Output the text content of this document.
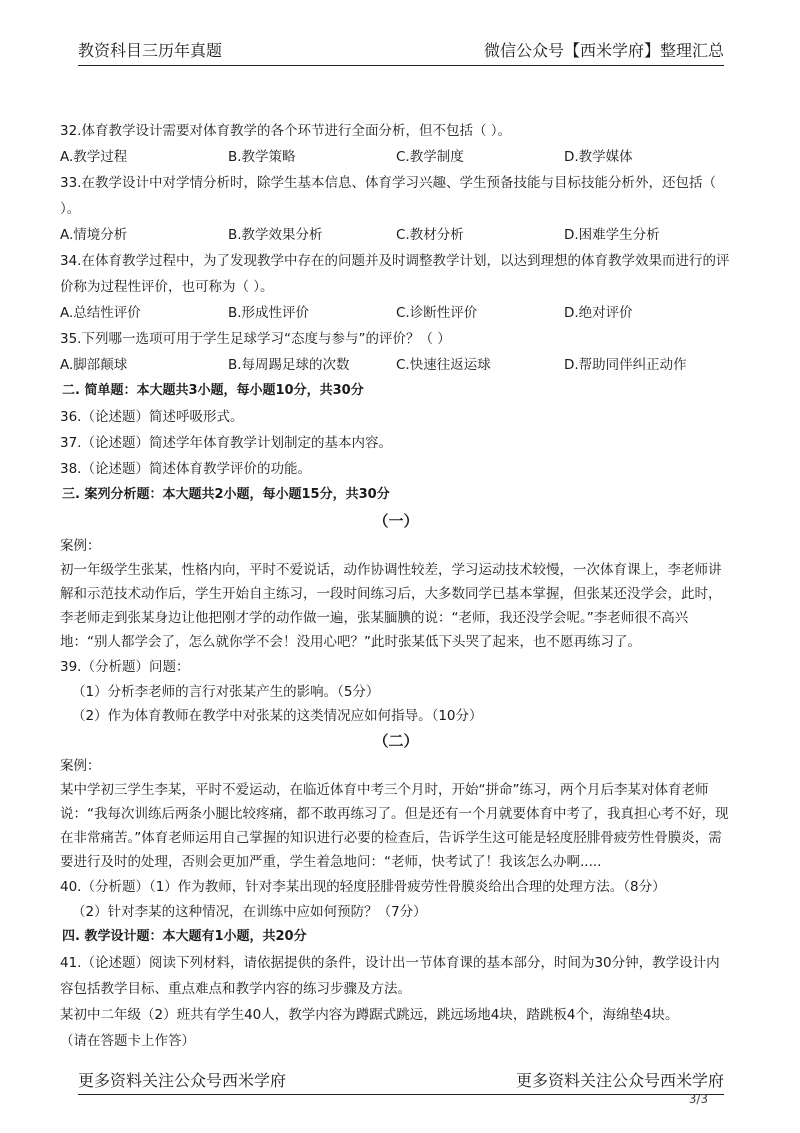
教资科目三历年真题	微信公众号【西米学府】整理汇总

32.体育教学设计需要对体育教学的各个环节进行全面分析，但不包括（ ）。

A.教学过程	B.教学策略	C.教学制度	D.教学媒体

33.在教学设计中对学情分析时，除学生基本信息、体育学习兴趣、学生预备技能与目标技能分析外，还包括（ ）。

A.情境分析	B.教学效果分析	C.教材分析	D.困难学生分析

34.在体育教学过程中，为了发现教学中存在的问题并及时调整教学计划，以达到理想的体育教学效果而进行的评价称为过程性评价，也可称为（ ）。

A.总结性评价	B.形成性评价	C.诊断性评价	D.绝对评价

35.下列哪一选项可用于学生足球学习“态度与参与”的评价？（ ）

A.脚部颠球	B.每周踢足球的次数	C.快速往返运球	D.帮助同伴纠正动作

二. 简单题：本大题共3小题，每小题10分，共30分

36.（论述题）简述呼吸形式。

37.（论述题）简述学年体育教学计划制定的基本内容。

38.（论述题）简述体育教学评价的功能。

三. 案列分析题：本大题共2小题，每小题15分，共30分

（一）

案例：

初一年级学生张某，性格内向，平时不爱说话，动作协调性较差，学习运动技术较慢，一次体育课上，李老师讲解和示范技术动作后，学生开始自主练习，一段时间练习后，大多数同学已基本掌握，但张某还没学会，此时，李老师走到张某身边让他把刚才学的动作做一遍，张某腼腆的说：“老师，我还没学会呢。”李老师很不高兴地：“别人都学会了，怎么就你学不会！没用心吧？”此时张某低下头哭了起来，也不愿再练习了。

39.（分析题）问题：

（1）分析李老师的言行对张某产生的影响。（5分）

（2）作为体育教师在教学中对张某的这类情况应如何指导。（10分）

（二）

案例：

某中学初三学生李某，平时不爱运动，在临近体育中考三个月时，开始“拼命”练习，两个月后李某对体育老师说：“我每次训练后两条小腿比较疼痛，都不敢再练习了。但是还有一个月就要体育中考了，我真担心考不好，现在非常痛苦。”体育老师运用自己掌握的知识进行必要的检查后，告诉学生这可能是轻度胫腓骨疲劳性骨膜炎，需要进行及时的处理，否则会更加严重，学生着急地问：“老师，快考试了！我该怎么办啊.....

40.（分析题）（1）作为教师，针对李某出现的轻度胫腓骨疲劳性骨膜炎给出合理的处理方法。（8分）

（2）针对李某的这种情况，在训练中应如何预防？（7分）

四. 教学设计题：本大题有1小题，共20分

41.（论述题）阅读下列材料，请依据提供的条件，设计出一节体育课的基本部分，时间为30分钟，教学设计内容包括教学目标、重点难点和教学内容的练习步骤及方法。

某初中二年级（2）班共有学生40人，教学内容为蹲踞式跳远，跳远场地4块，踏跳板4个，海绵垫4块。

（请在答题卡上作答）

更多资料关注公众号西米学府	更多资料关注公众号西米学府
3/3
